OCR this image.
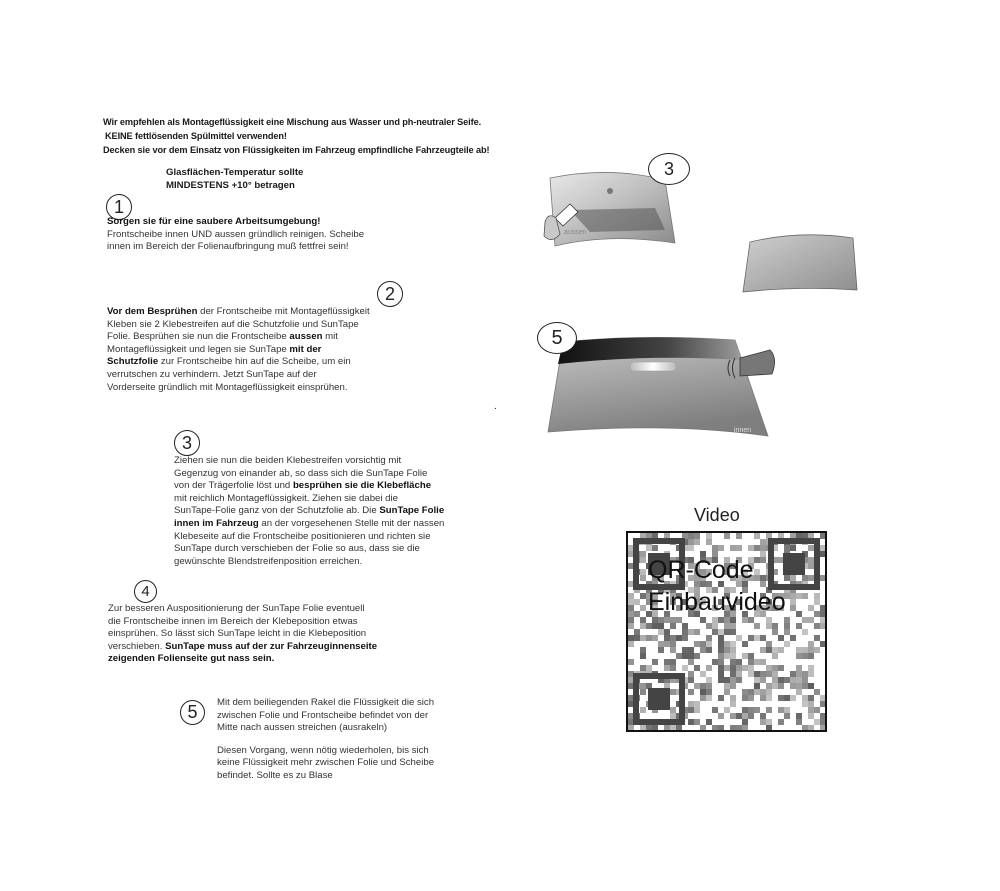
Wir empfehlen als Montageflüssigkeit eine Mischung aus Wasser und ph-neutraler Seife.
KEINE fettlösenden Spülmittel verwenden!
Decken sie vor dem Einsatz von Flüssigkeiten im Fahrzeug empfindliche Fahrzeugteile ab!
Glasflächen-Temperatur sollte
MINDESTENS +10° betragen
1
Sorgen sie für eine saubere Arbeitsumgebung!
Frontscheibe innen UND aussen gründlich reinigen. Scheibe
innen im Bereich der Folienaufbringung muß fettfrei sein!
2
Vor dem Besprühen der Frontscheibe mit Montageflüssigkeit
Kleben sie 2 Klebestreifen auf die Schutzfolie und SunTape
Folie. Besprühen sie nun die Frontscheibe aussen mit
Montageflüssigkeit und legen sie SunTape mit der
Schutzfolie zur Frontscheibe hin auf die Scheibe, um ein
verrutschen zu verhindern. Jetzt SunTape auf der
Vorderseite gründlich mit Montageflüssigkeit einsprühen.
.
3
Ziehen sie nun die beiden Klebestreifen vorsichtig mit
Gegenzug von einander ab, so dass sich die SunTape Folie
von der Trägerfolie löst und besprühen sie die Klebefläche
mit reichlich Montageflüssigkeit. Ziehen sie dabei die
SunTape-Folie ganz von der Schutzfolie ab. Die SunTape Folie
innen im Fahrzeug an der vorgesehenen Stelle mit der nassen
Klebeseite auf die Frontscheibe positionieren und richten sie
SunTape durch verschieben der Folie so aus, dass sie die
gewünschte Blendstreifenposition erreichen.
4
Zur besseren Auspositionierung der SunTape Folie eventuell
die Frontscheibe innen im Bereich der Klebeposition etwas
einsprühen. So lässt sich SunTape leicht in die Klebeposition
verschieben. SunTape muss auf der zur Fahrzeuginnenseite
zeigenden Folienseite gut nass sein.
5	Mit dem beiliegenden Rakel die Flüssigkeit die sich
zwischen Folie und Frontscheibe befindet von der
Mitte nach aussen streichen (ausrakeln)
Diesen Vorgang, wenn nötig wiederholen, bis sich
keine Flüssigkeit mehr zwischen Folie und Scheibe
befindet. Sollte es zu Blase
aussen
3
innen
5
Video
QR-Code
Einbauvideo
